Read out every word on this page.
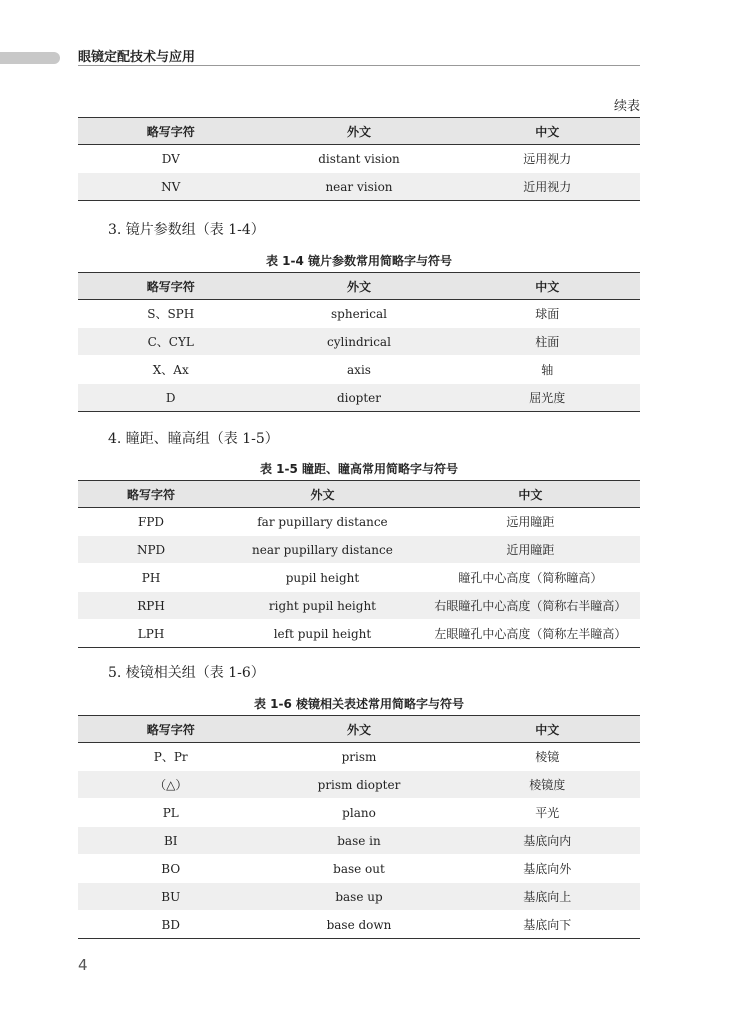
眼镜定配技术与应用
续表
略写字符	外文	中文
DV	distant vision	远用视力
NV	near vision	近用视力
3. 镜片参数组（表 1-4）
表 1-4 镜片参数常用简略字与符号
略写字符	外文	中文
S、SPH	spherical	球面
C、CYL	cylindrical	柱面
X、Ax	axis	轴
D	diopter	屈光度
4. 瞳距、瞳高组（表 1-5）
表 1-5 瞳距、瞳高常用简略字与符号
略写字符	外文	中文
FPD	far pupillary distance	远用瞳距
NPD	near pupillary distance	近用瞳距
PH	pupil height	瞳孔中心高度（简称瞳高）
RPH	right pupil height	右眼瞳孔中心高度（简称右半瞳高）
LPH	left pupil height	左眼瞳孔中心高度（简称左半瞳高）
5. 棱镜相关组（表 1-6）
表 1-6 棱镜相关表述常用简略字与符号
略写字符	外文	中文
P、Pr	prism	棱镜
（△）	prism diopter	棱镜度
PL	plano	平光
BI	base in	基底向内
BO	base out	基底向外
BU	base up	基底向上
BD	base down	基底向下
4
